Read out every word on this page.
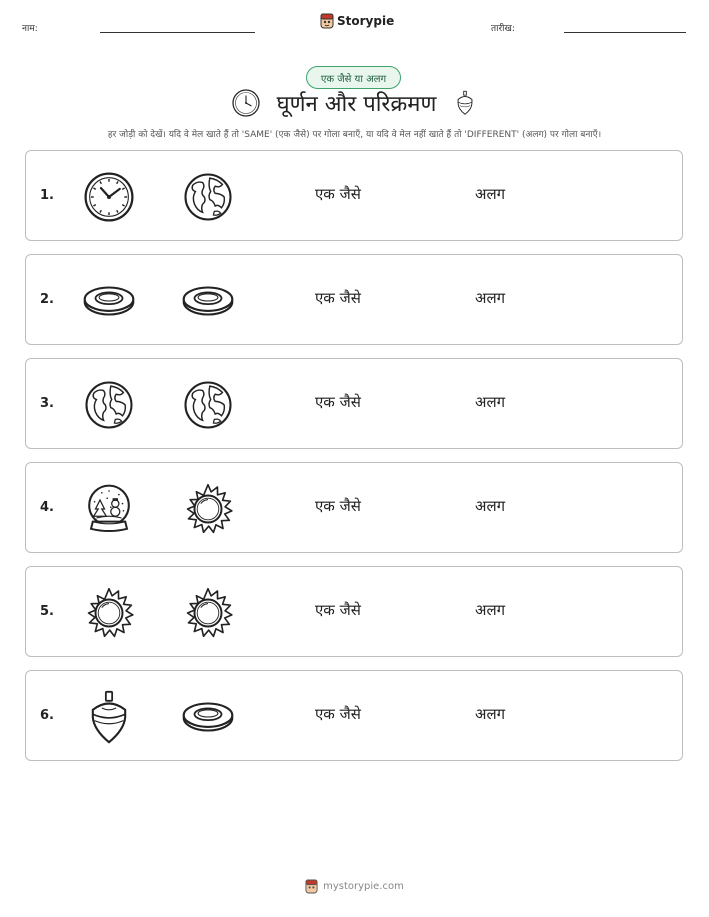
नाम:
Storypie
तारीख:
एक जैसे या अलग
घूर्णन और परिक्रमण
हर जोड़ी को देखें। यदि वे मेल खाते हैं तो 'SAME' (एक जैसे) पर गोला बनाएँ, या यदि वे मेल नहीं खाते हैं तो 'DIFFERENT' (अलग) पर गोला बनाएँ।
1.	एक जैसे	अलग
2.	एक जैसे	अलग
3.	एक जैसे	अलग
4.	एक जैसे	अलग
5.	एक जैसे	अलग
6.	एक जैसे	अलग
mystorypie.com
